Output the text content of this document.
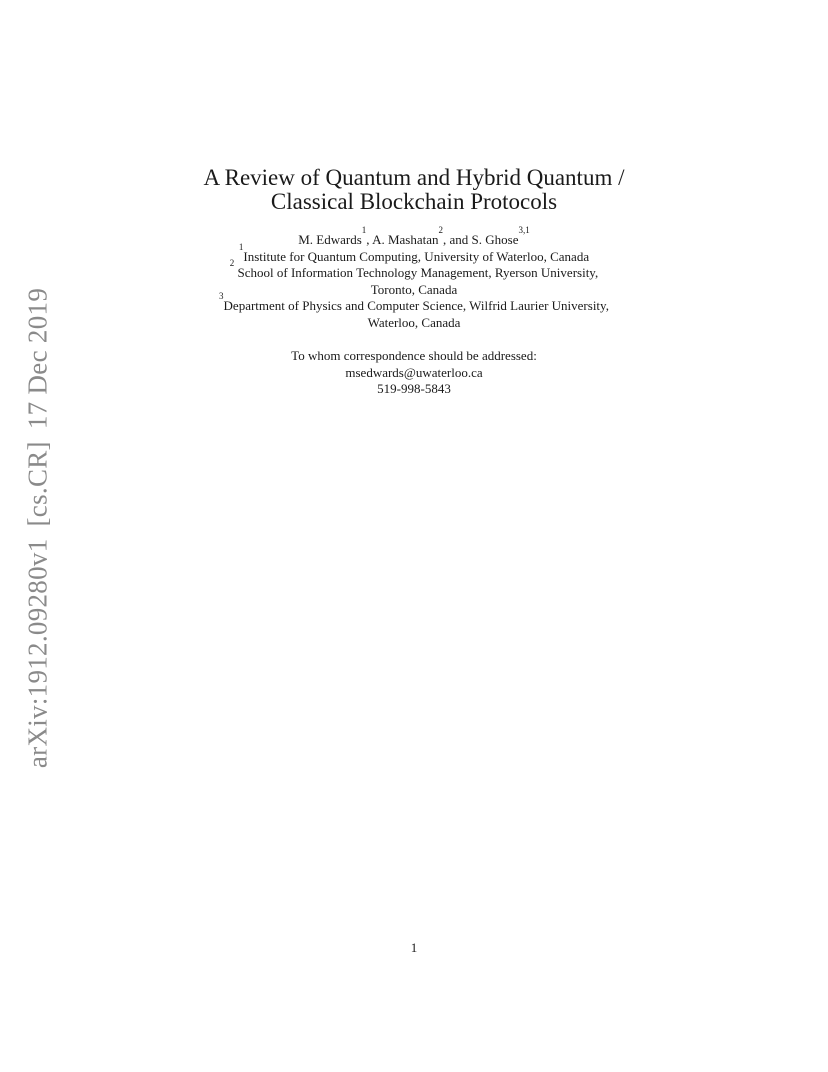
arXiv:1912.09280v1[cs.CR]17 Dec 2019
A Review of Quantum and Hybrid Quantum /
Classical Blockchain Protocols
M. Edwards$^1$, A. Mashatan$^2$, and S. Ghose$^{3,1}$
$^1$Institute for Quantum Computing, University of Waterloo, Canada
$^2$ School of Information Technology Management, Ryerson University,
Toronto, Canada
$^3$Department of Physics and Computer Science, Wilfrid Laurier University,
Waterloo, Canada
To whom correspondence should be addressed:
msedwards@uwaterloo.ca
519-998-5843
1
